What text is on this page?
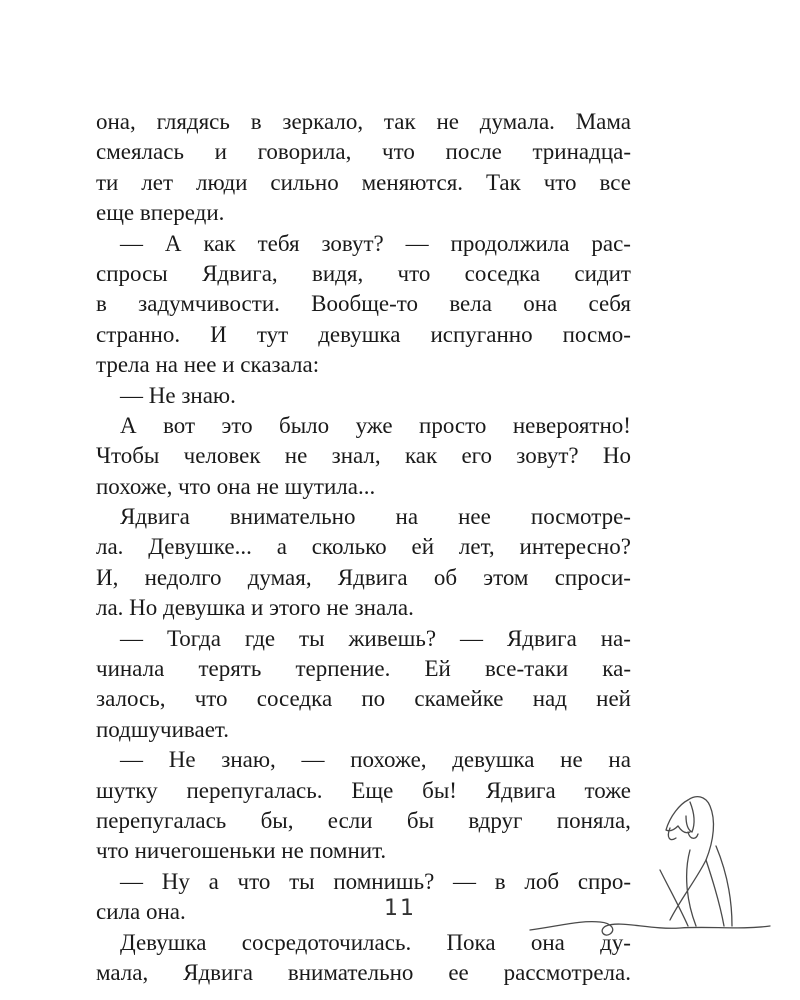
она, глядясь в зеркало, так не думала. Мама
смеялась и говорила, что после тринадца-
ти лет люди сильно меняются. Так что все
еще впереди.
— А как тебя зовут? — продолжила рас-
спросы Ядвига, видя, что соседка сидит
в задумчивости. Вообще-то вела она себя
странно. И тут девушка испуганно посмо-
трела на нее и сказала:
— Не знаю.
А вот это было уже просто невероятно!
Чтобы человек не знал, как его зовут? Но
похоже, что она не шутила...
Ядвига внимательно на нее посмотре-
ла. Девушке... а сколько ей лет, интересно?
И, недолго думая, Ядвига об этом спроси-
ла. Но девушка и этого не знала.
— Тогда где ты живешь? — Ядвига на-
чинала терять терпение. Ей все-таки ка-
залось, что соседка по скамейке над ней
подшучивает.
— Не знаю, — похоже, девушка не на
шутку перепугалась. Еще бы! Ядвига тоже
перепугалась бы, если бы вдруг поняла,
что ничегошеньки не помнит.
— Ну а что ты помнишь? — в лоб спро-
сила она.
Девушка сосредоточилась. Пока она ду-
мала, Ядвига внимательно ее рассмотрела.
11
